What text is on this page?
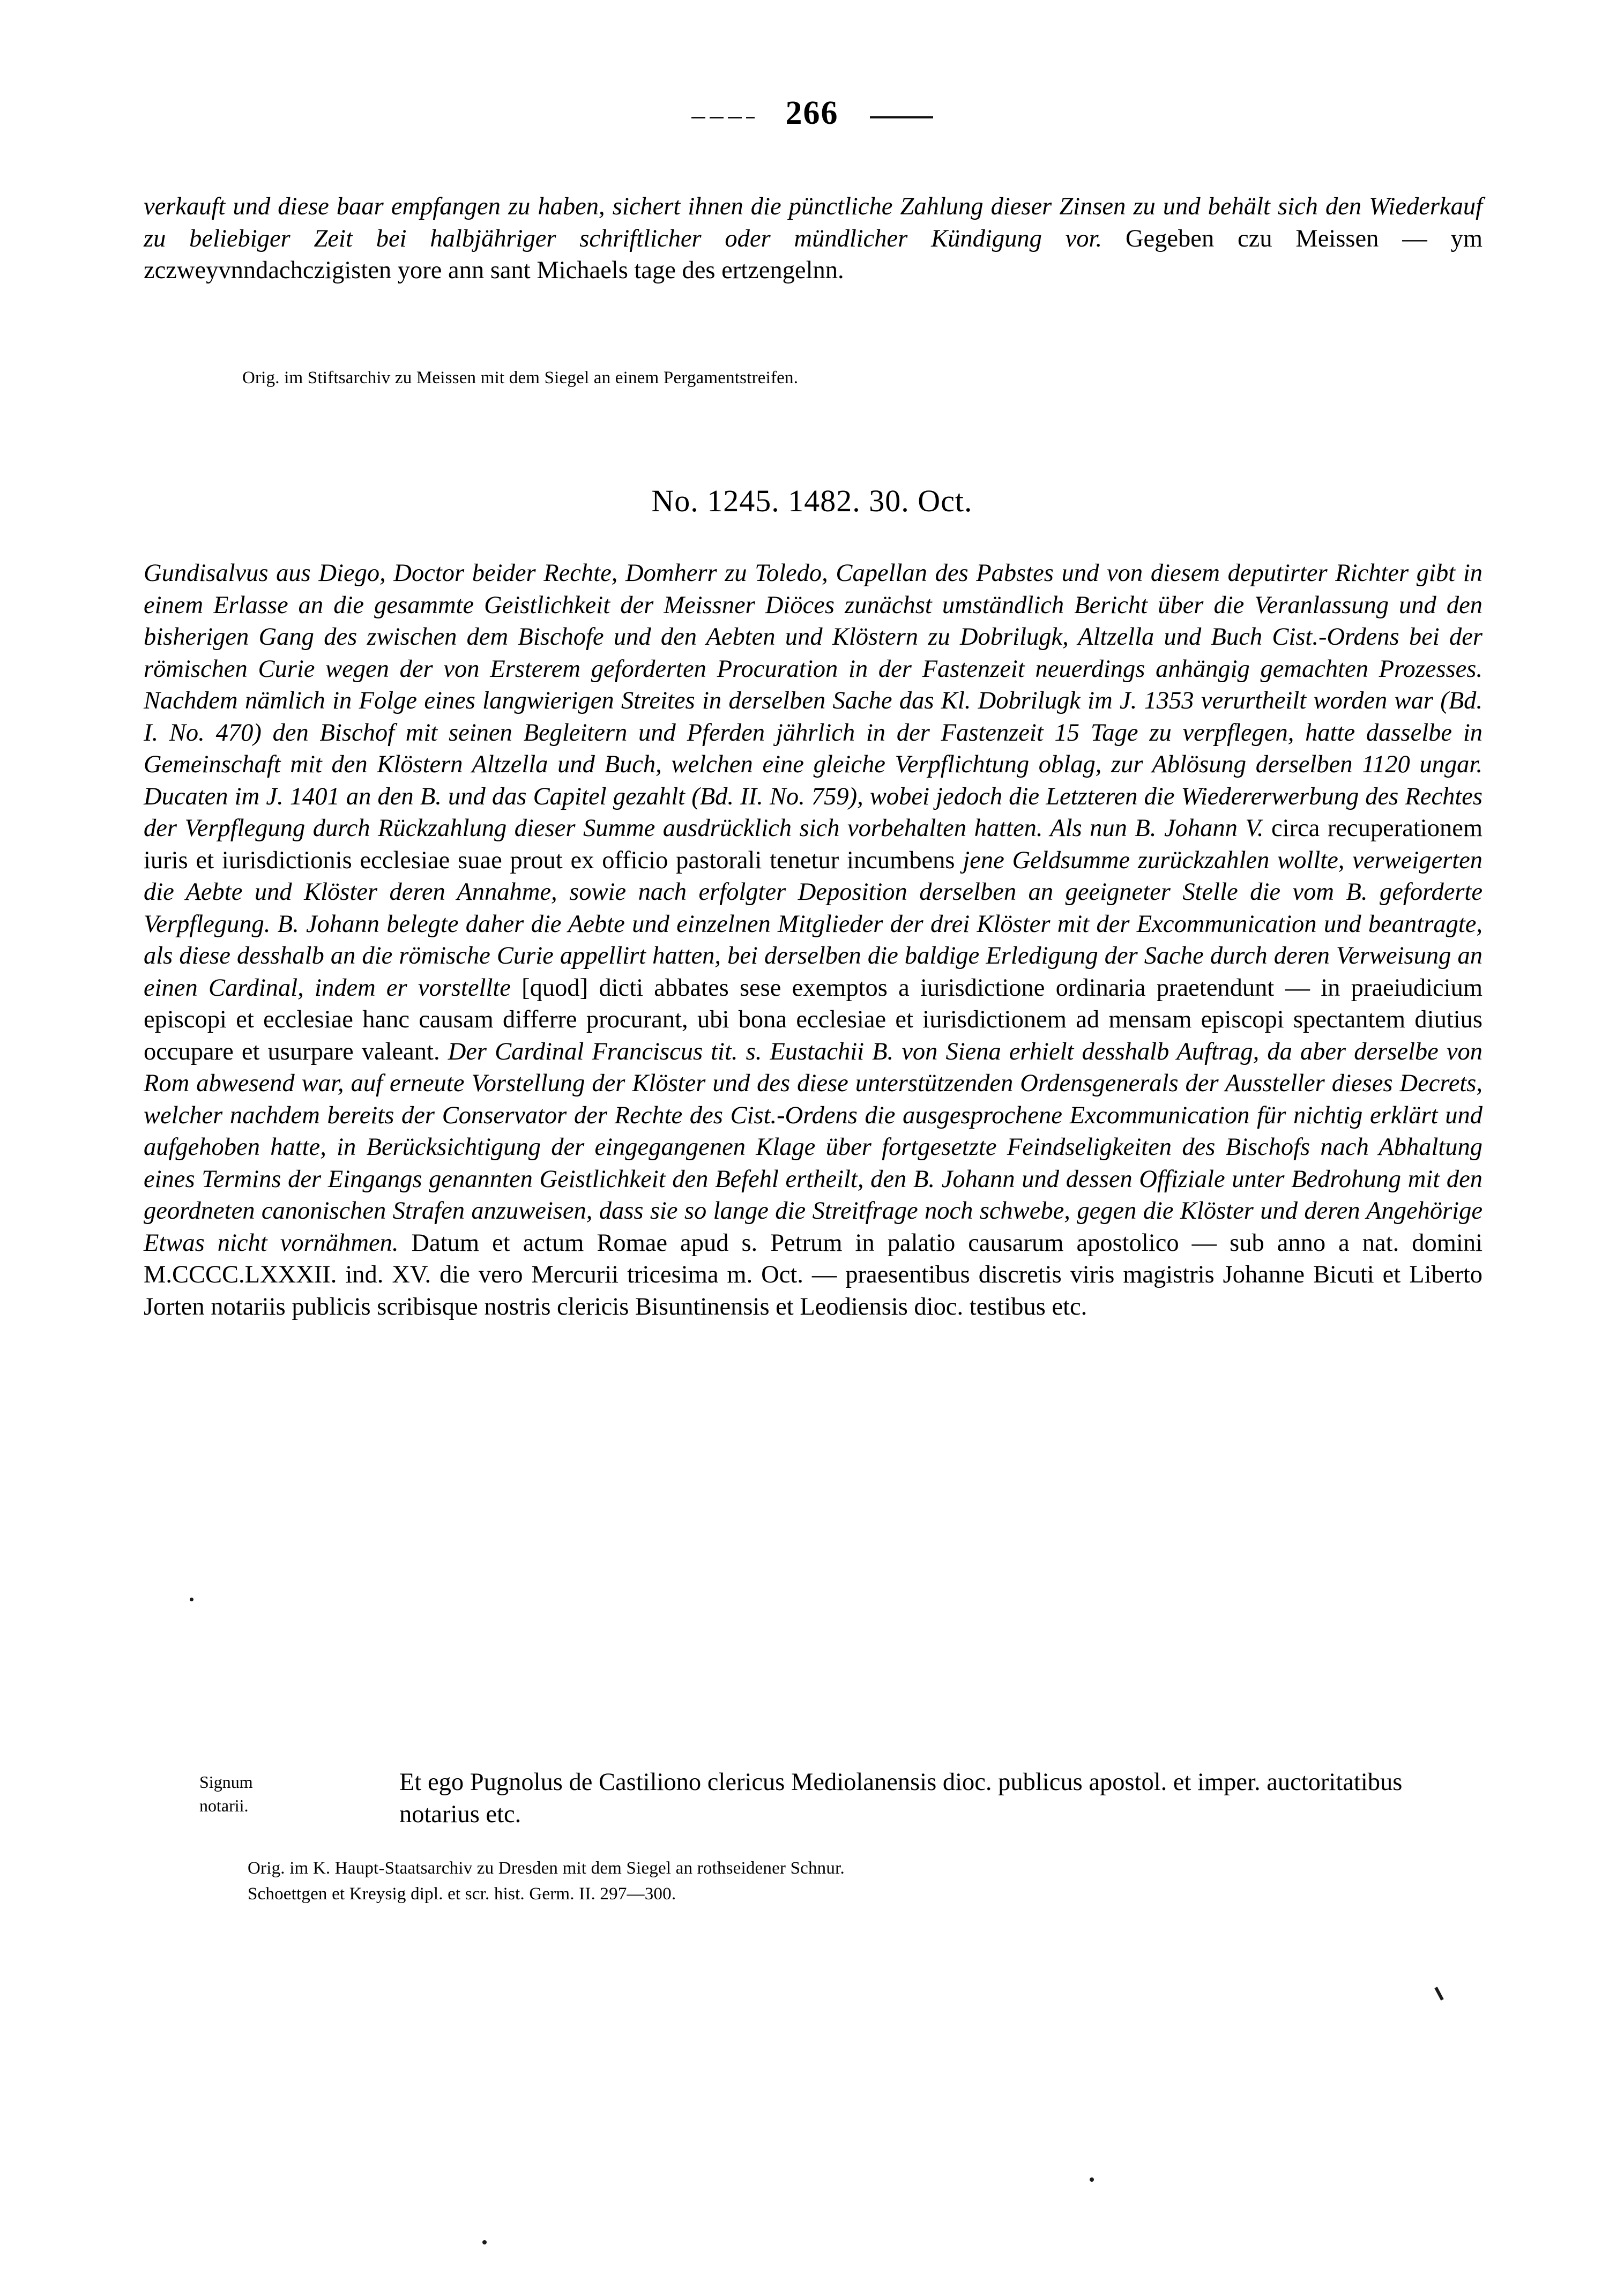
266

verkauft und diese baar empfangen zu haben, sichert ihnen die pünctliche Zahlung dieser Zinsen zu und behält sich den Wiederkauf zu beliebiger Zeit bei halbjähriger schriftlicher oder mündlicher Kündigung vor. Gegeben czu Meissen — ym zczweyvnndachczigisten yore ann sant Michaels tage des ertzengelnn.

Orig. im Stiftsarchiv zu Meissen mit dem Siegel an einem Pergamentstreifen.

No. 1245. 1482. 30. Oct.

Gundisalvus aus Diego, Doctor beider Rechte, Domherr zu Toledo, Capellan des Pabstes und von diesem deputirter Richter gibt in einem Erlasse an die gesammte Geistlichkeit der Meissner Diöces zunächst umständlich Bericht über die Veranlassung und den bisherigen Gang des zwischen dem Bischofe und den Aebten und Klöstern zu Dobrilugk, Altzella und Buch Cist.-Ordens bei der römischen Curie wegen der von Ersterem geforderten Procuration in der Fastenzeit neuerdings anhängig gemachten Prozesses. Nachdem nämlich in Folge eines langwierigen Streites in derselben Sache das Kl. Dobrilugk im J. 1353 verurtheilt worden war (Bd. I. No. 470) den Bischof mit seinen Begleitern und Pferden jährlich in der Fastenzeit 15 Tage zu verpflegen, hatte dasselbe in Gemeinschaft mit den Klöstern Altzella und Buch, welchen eine gleiche Verpflichtung oblag, zur Ablösung derselben 1120 ungar. Ducaten im J. 1401 an den B. und das Capitel gezahlt (Bd. II. No. 759), wobei jedoch die Letzteren die Wiedererwerbung des Rechtes der Verpflegung durch Rückzahlung dieser Summe ausdrücklich sich vorbehalten hatten. Als nun B. Johann V. circa recuperationem iuris et iurisdictionis ecclesiae suae prout ex officio pastorali tenetur incumbens jene Geldsumme zurückzahlen wollte, verweigerten die Aebte und Klöster deren Annahme, sowie nach erfolgter Deposition derselben an geeigneter Stelle die vom B. geforderte Verpflegung. B. Johann belegte daher die Aebte und einzelnen Mitglieder der drei Klöster mit der Excommunication und beantragte, als diese desshalb an die römische Curie appellirt hatten, bei derselben die baldige Erledigung der Sache durch deren Verweisung an einen Cardinal, indem er vorstellte [quod] dicti abbates sese exemptos a iurisdictione ordinaria praetendunt — in praeiudicium episcopi et ecclesiae hanc causam differre procurant, ubi bona ecclesiae et iurisdictionem ad mensam episcopi spectantem diutius occupare et usurpare valeant. Der Cardinal Franciscus tit. s. Eustachii B. von Siena erhielt desshalb Auftrag, da aber derselbe von Rom abwesend war, auf erneute Vorstellung der Klöster und des diese unterstützenden Ordensgenerals der Aussteller dieses Decrets, welcher nachdem bereits der Conservator der Rechte des Cist.-Ordens die ausgesprochene Excommunication für nichtig erklärt und aufgehoben hatte, in Berücksichtigung der eingegangenen Klage über fortgesetzte Feindseligkeiten des Bischofs nach Abhaltung eines Termins der Eingangs genannten Geistlichkeit den Befehl ertheilt, den B. Johann und dessen Offiziale unter Bedrohung mit den geordneten canonischen Strafen anzuweisen, dass sie so lange die Streitfrage noch schwebe, gegen die Klöster und deren Angehörige Etwas nicht vornähmen. Datum et actum Romae apud s. Petrum in palatio causarum apostolico — sub anno a nat. domini M.CCCC.LXXXII. ind. XV. die vero Mercurii tricesima m. Oct. — praesentibus discretis viris magistris Johanne Bicuti et Liberto Jorten notariis publicis scribisque nostris clericis Bisuntinensis et Leodiensis dioc. testibus etc.

Signum
notarii.

Et ego Pugnolus de Castiliono clericus Mediolanensis dioc. publicus apostol. et imper. auctoritatibus notarius etc.

Orig. im K. Haupt-Staatsarchiv zu Dresden mit dem Siegel an rothseidener Schnur.

Schoettgen et Kreysig dipl. et scr. hist. Germ. II. 297—300.
